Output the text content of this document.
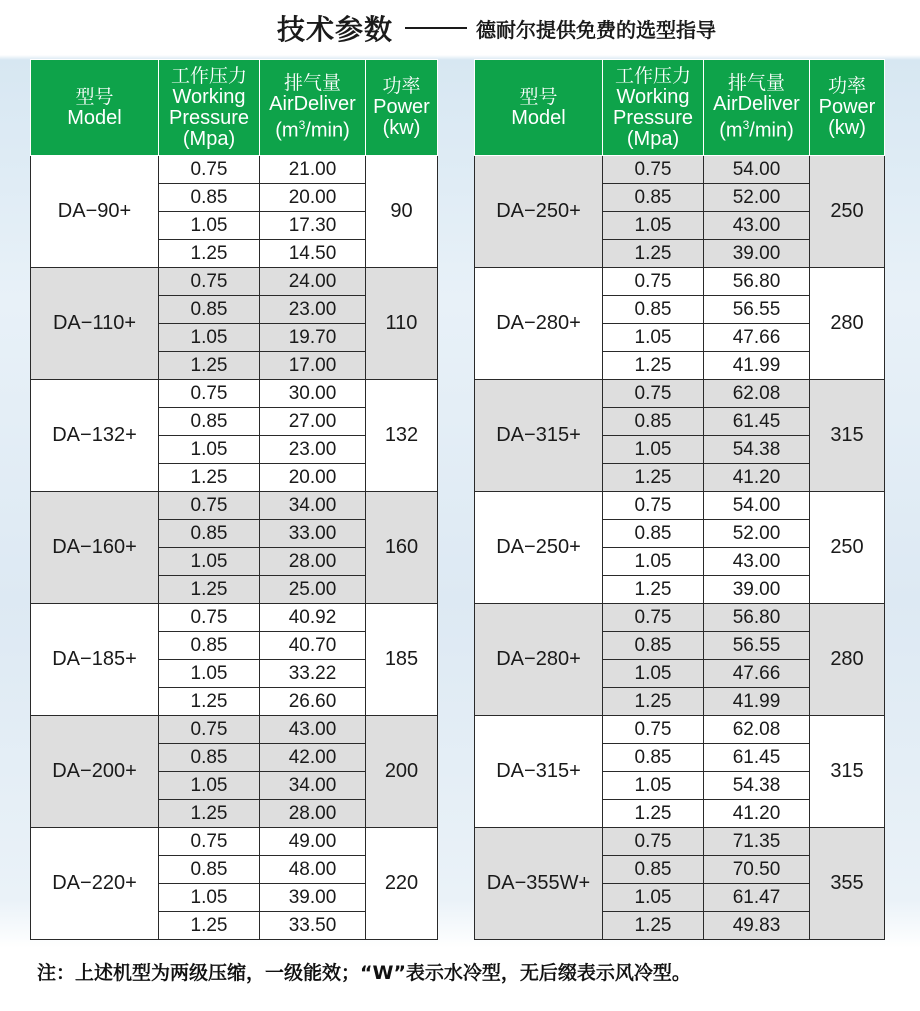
技术参数	德耐尔提供免费的选型指导
型号
Model	工作压力
Working
Pressure
(Mpa)	排气量
AirDeliver
$(m^3/\min)$	功率
Power
(kw)
DA−90+	0.75	21.00	90
	0.85	20.00	
	1.05	17.30	
	1.25	14.50	
DA−110+	0.75	24.00	110
	0.85	23.00	
	1.05	19.70	
	1.25	17.00	
DA−132+	0.75	30.00	132
	0.85	27.00	
	1.05	23.00	
	1.25	20.00	
DA−160+	0.75	34.00	160
	0.85	33.00	
	1.05	28.00	
	1.25	25.00	
DA−185+	0.75	40.92	185
	0.85	40.70	
	1.05	33.22	
	1.25	26.60	
DA−200+	0.75	43.00	200
	0.85	42.00	
	1.05	34.00	
	1.25	28.00	
DA−220+	0.75	49.00	220
	0.85	48.00	
	1.05	39.00	
	1.25	33.50	
型号
Model	工作压力
Working
Pressure
(Mpa)	排气量
AirDeliver
$(m^3/\min)$	功率
Power
(kw)
DA−250+	0.75	54.00	250
	0.85	52.00	
	1.05	43.00	
	1.25	39.00	
DA−280+	0.75	56.80	280
	0.85	56.55	
	1.05	47.66	
	1.25	41.99	
DA−315+	0.75	62.08	315
	0.85	61.45	
	1.05	54.38	
	1.25	41.20	
DA−250+	0.75	54.00	250
	0.85	52.00	
	1.05	43.00	
	1.25	39.00	
DA−280+	0.75	56.80	280
	0.85	56.55	
	1.05	47.66	
	1.25	41.99	
DA−315+	0.75	62.08	315
	0.85	61.45	
	1.05	54.38	
	1.25	41.20	
DA−355W+	0.75	71.35	355
	0.85	70.50	
	1.05	61.47	
	1.25	49.83	
注：上述机型为两级压缩，一级能效；“W”表示水冷型，无后缀表示风冷型。
